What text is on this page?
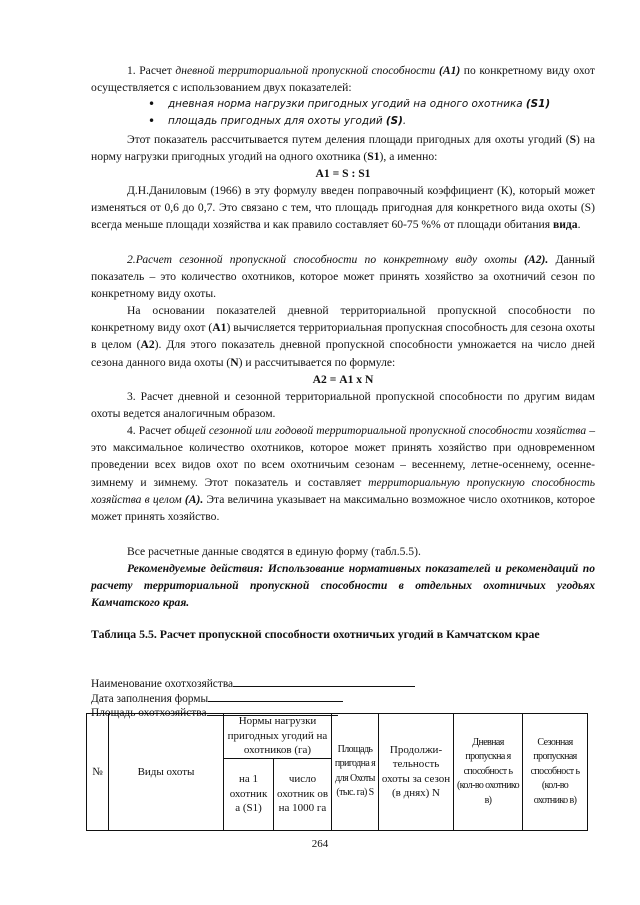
1. Расчет дневной территориальной пропускной способности (А1) по конкретному виду охот осуществляется с использованием двух показателей:
• дневная норма нагрузки пригодных угодий на одного охотника (S1)
• площадь пригодных для охоты угодий (S).
Этот показатель рассчитывается путем деления площади пригодных для охоты угодий (S) на норму нагрузки пригодных угодий на одного охотника (S1), а именно:
А1 = S : S1
Д.Н.Даниловым (1966) в эту формулу введен поправочный коэффициент (К), который может изменяться от 0,6 до 0,7. Это связано с тем, что площадь пригодная для конкретного вида охоты (S) всегда меньше площади хозяйства и как правило составляет 60-75 %% от площади обитания вида.
2.Расчет сезонной пропускной способности по конкретному виду охоты (А2). Данный показатель – это количество охотников, которое может принять хозяйство за охотничий сезон по конкретному виду охоты.
На основании показателей дневной территориальной пропускной способности по конкретному виду охот (А1) вычисляется территориальная пропускная способность для сезона охоты в целом (А2). Для этого показатель дневной пропускной способности умножается на число дней сезона данного вида охоты (N) и рассчитывается по формуле:
А2 = А1 х N
3. Расчет дневной и сезонной территориальной пропускной способности по другим видам охоты ведется аналогичным образом.
4. Расчет общей сезонной или годовой территориальной пропускной способности хозяйства – это максимальное количество охотников, которое может принять хозяйство при одновременном проведении всех видов охот по всем охотничьим сезонам – весеннему, летне-осеннему, осенне-зимнему и зимнему. Этот показатель и составляет территориальную пропускную способность хозяйства в целом (А). Эта величина указывает на максимально возможное число охотников, которое может принять хозяйство.
Все расчетные данные сводятся в единую форму (табл.5.5).
Рекомендуемые действия: Использование нормативных показателей и рекомендаций по расчету территориальной пропускной способности в отдельных охотничьих угодьях Камчатского края.
Таблица 5.5. Расчет пропускной способности охотничьих угодий в Камчатском крае
Наименование охотхозяйства
Дата заполнения формы
Площадь охотхозяйства
№	Виды охоты	Нормы нагрузки пригодных угодий на охотников (га)		Площадь пригодна я для Охоты (тыс. га) S	Продолжи-тельность охоты за сезон (в днях) N	Дневная пропускна я способност ь (кол-во охотнико в)	Сезонная пропускная способност ь (кол-во охотнико в)
		на 1 охотник а (S1)	число охотник ов на 1000 га				
264
